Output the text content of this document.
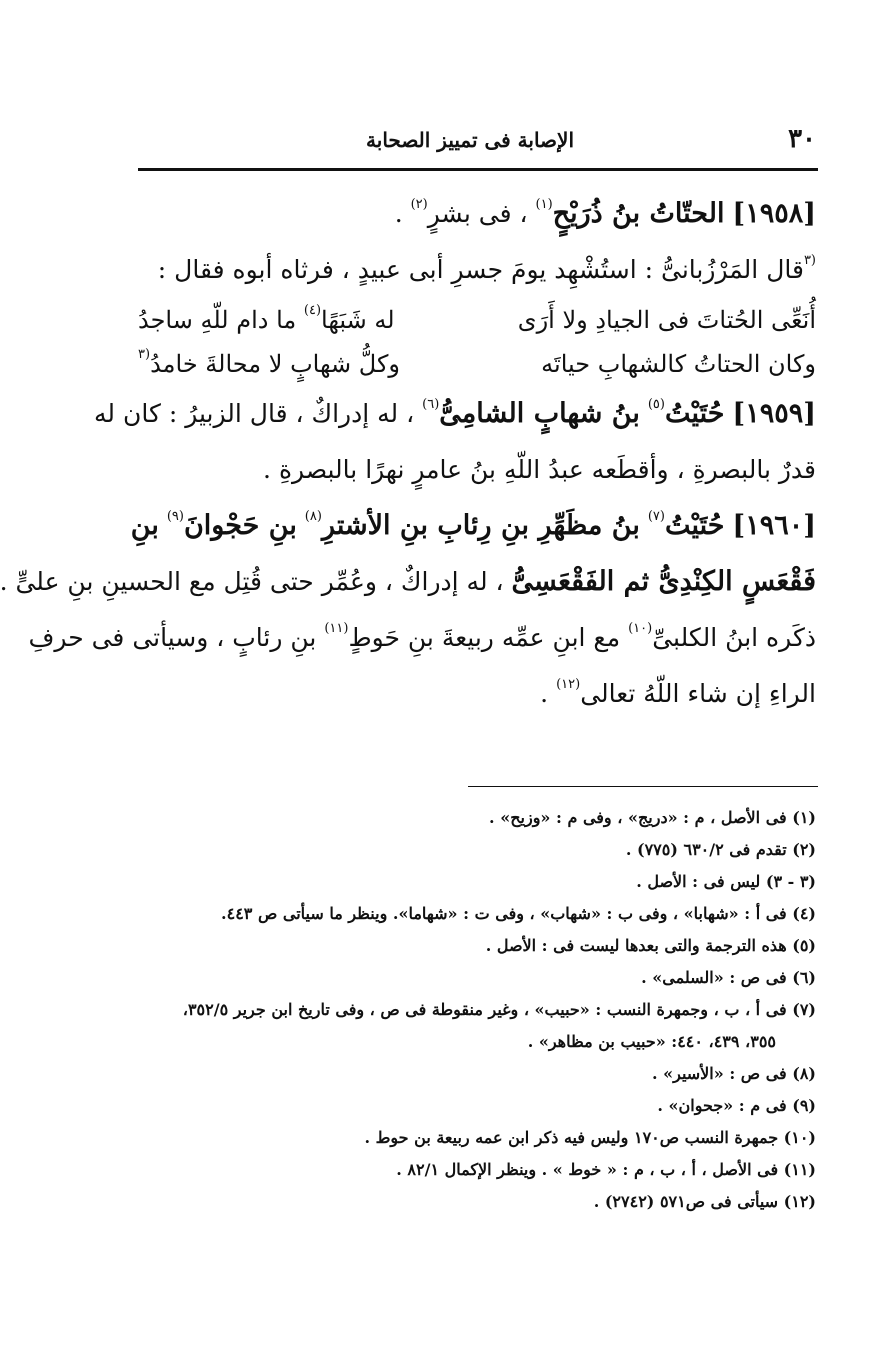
٣٠
الإصابة فى تمييز الصحابة
[١٩٥٨] الحتّاتُ بنُ ذُرَيْحٍ$^{(١)}$ ، فى بشرٍ$^{(٢)}$ .
$^{(٣}$قال المَرْزُبانىُّ : استُشْهِد يومَ جسرِ أبى عبيدٍ ، فرثاه أبوه فقال :
أُنَعِّى الحُتاتَ فى الجيادِ ولا أَرَى
له شَبَهًا$^{(٤)}$ ما دام للّهِ ساجدُ
وكان الحتاتُ كالشهابِ حياتَه
وكلُّ شهابٍ لا محالةَ خامدُ$^{(٣}$
[١٩٥٩] حُتَيْتُ$^{(٥)}$ بنُ شهابٍ الشامِىُّ$^{(٦)}$ ، له إدراكٌ ، قال الزبيرُ : كان له
قدرٌ بالبصرةِ ، وأقطَعه عبدُ اللّهِ بنُ عامرٍ نهرًا بالبصرةِ .
[١٩٦٠] حُتَيْتُ$^{(٧)}$ بنُ مظَهِّرِ بنِ رِئابِ بنِ الأشترِ$^{(٨)}$ بنِ حَجْوانَ$^{(٩)}$ بنِ
فَقْعَسٍ الكِنْدِىُّ ثم الفَقْعَسِىُّ ، له إدراكٌ ، وعُمِّر حتى قُتِل مع الحسينِ بنِ علىٍّ .
ذكَره ابنُ الكلبىِّ$^{(١٠)}$ مع ابنِ عمِّه ربيعةَ بنِ حَوطٍ$^{(١١)}$ بنِ رئابٍ ، وسيأتى فى حرفِ
الراءِ إن شاء اللّهُ تعالى$^{(١٢)}$ .
(١) فى الأصل ، م : «دريج» ، وفى م : «وزيح» .
(٢) تقدم فى ٦٣٠/٢ (٧٧٥) .
(٣ - ٣) ليس فى : الأصل .
(٤) فى أ : «شهابا» ، وفى ب : «شهاب» ، وفى ت : «شهاما». وينظر ما سيأتى ص ٤٤٣.
(٥) هذه الترجمة والتى بعدها ليست فى : الأصل .
(٦) فى ص : «السلمى» .
(٧) فى أ ، ب ، وجمهرة النسب : «حبيب» ، وغير منقوطة فى ص ، وفى تاريخ ابن جرير ٣٥٢/٥،
٣٥٥، ٤٣٩، ٤٤٠: «حبيب بن مظاهر» .
(٨) فى ص : «الأسير» .
(٩) فى م : «جحوان» .
(١٠) جمهرة النسب ص١٧٠ وليس فيه ذكر ابن عمه ربيعة بن حوط .
(١١) فى الأصل ، أ ، ب ، م : « خوط » . وينظر الإكمال ٨٢/١ .
(١٢) سيأتى فى ص٥٧١ (٢٧٤٢) .
